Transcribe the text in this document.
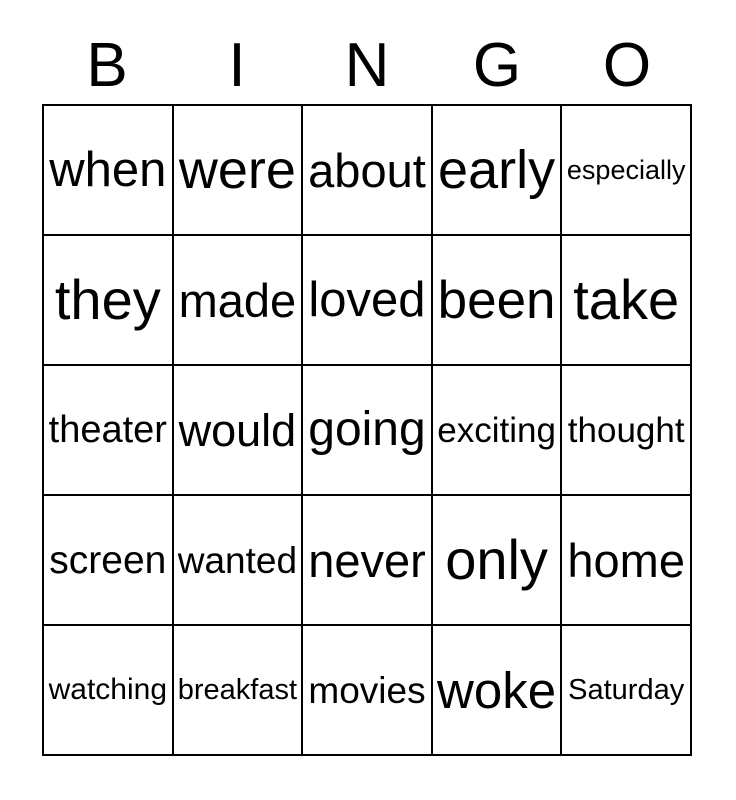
B	I	N	G	O
when	were	about	early	especially
they	made	loved	been	take
theater	would	going	exciting	thought
screen	wanted	never	only	home
watching	breakfast	movies	woke	Saturday
